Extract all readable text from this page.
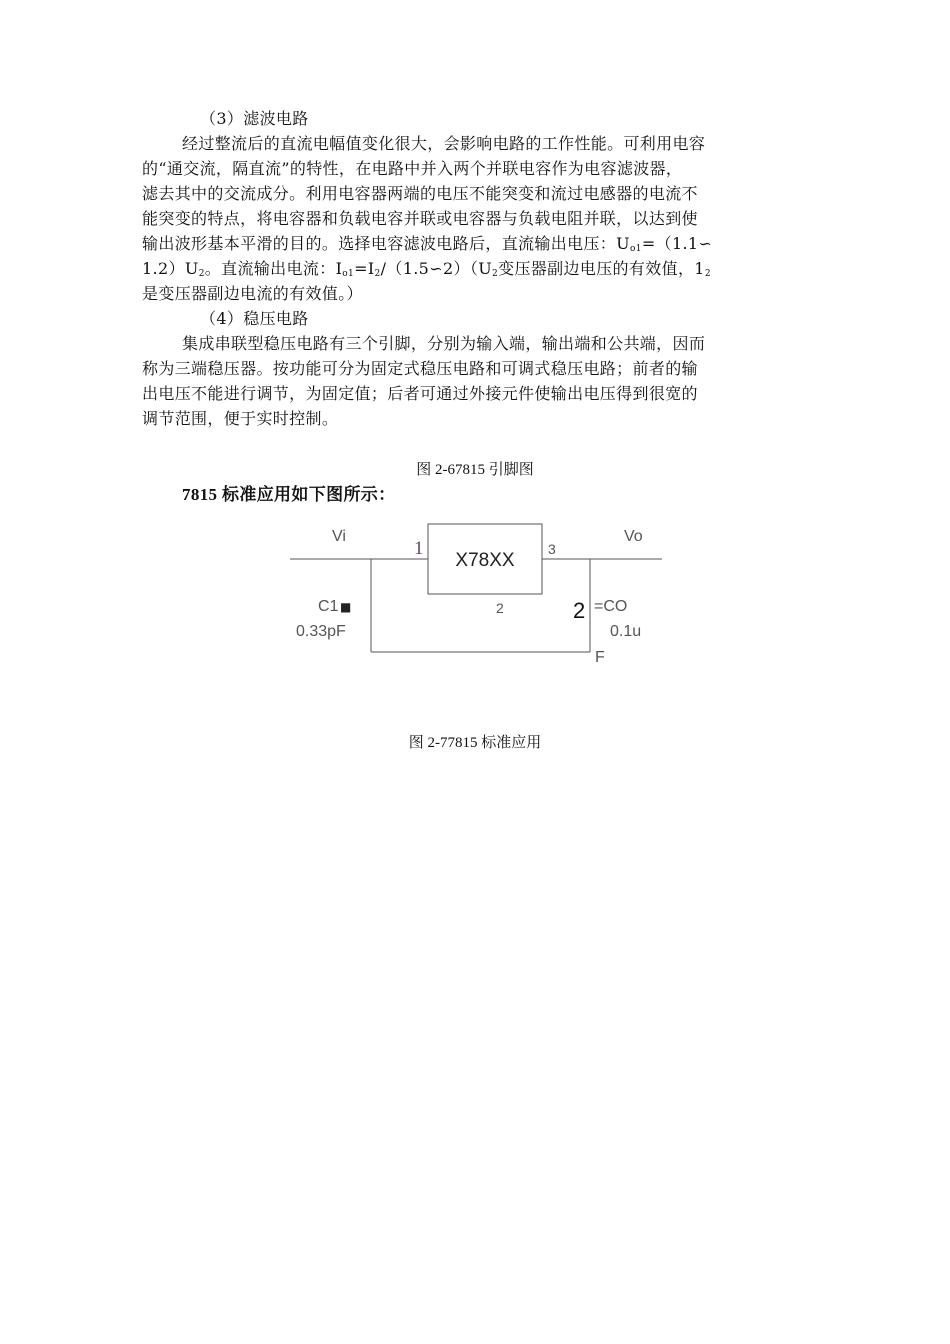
（3）滤波电路
经过整流后的直流电幅值变化很大，会影响电路的工作性能。可利用电容
的“通交流，隔直流”的特性，在电路中并入两个并联电容作为电容滤波器，
滤去其中的交流成分。利用电容器两端的电压不能突变和流过电感器的电流不
能突变的特点，将电容器和负载电容并联或电容器与负载电阻并联，以达到使
输出波形基本平滑的目的。选择电容滤波电路后，直流输出电压：$U_{o1}=(1.1∽$
$1.2)U_2$。直流输出电流：$I_{o1}=I_2/(1.5∽2)(U_2$变压器副边电压的有效值，$1_2$
是变压器副边电流的有效值。）
（4）稳压电路
集成串联型稳压电路有三个引脚，分别为输入端，输出端和公共端，因而
称为三端稳压器。按功能可分为固定式稳压电路和可调式稳压电路；前者的输
出电压不能进行调节，为固定值；后者可通过外接元件使输出电压得到很宽的
调节范围，便于实时控制。
图 2-67815 引脚图
7815 标准应用如下图所示：
Vi	Vo
1	3
X78XX
2	2
C1 ■
0.33pF
=CO
0.1u
F
图 2-77815 标准应用
